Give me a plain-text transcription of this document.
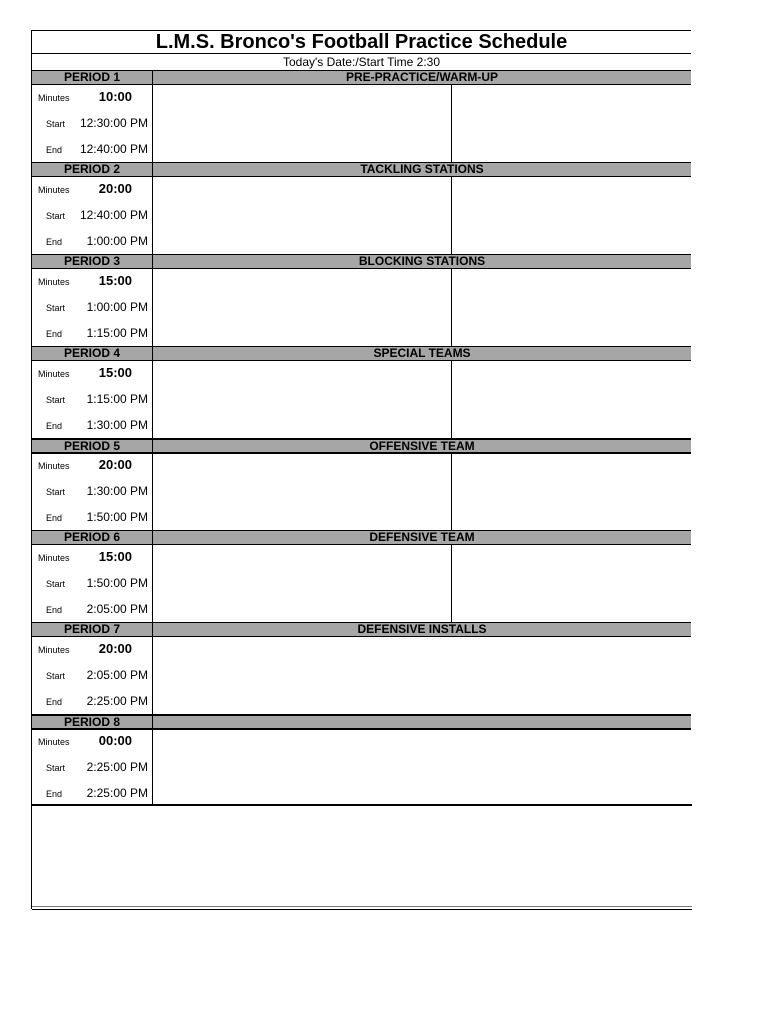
L.M.S. Bronco's Football Practice Schedule
Today's Date:/Start Time 2:30
PERIOD 1	PRE-PRACTICE/WARM-UP
Minutes 10:00
Start 12:30:00 PM
End 12:40:00 PM
PERIOD 2	TACKLING STATIONS
Minutes 20:00
Start 12:40:00 PM
End 1:00:00 PM
PERIOD 3	BLOCKING STATIONS
Minutes 15:00
Start 1:00:00 PM
End 1:15:00 PM
PERIOD 4	SPECIAL TEAMS
Minutes 15:00
Start 1:15:00 PM
End 1:30:00 PM
PERIOD 5	OFFENSIVE TEAM
Minutes 20:00
Start 1:30:00 PM
End 1:50:00 PM
PERIOD 6	DEFENSIVE TEAM
Minutes 15:00
Start 1:50:00 PM
End 2:05:00 PM
PERIOD 7	DEFENSIVE INSTALLS
Minutes 20:00
Start 2:05:00 PM
End 2:25:00 PM
PERIOD 8
Minutes 00:00
Start 2:25:00 PM
End 2:25:00 PM
